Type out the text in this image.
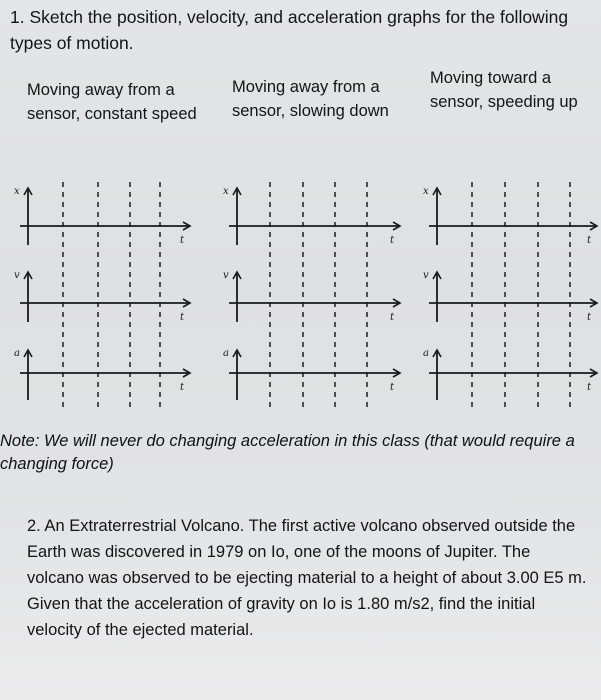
1. Sketch the position, velocity, and acceleration graphs for the following types of motion.
Moving away from a sensor, constant speed
Moving away from a sensor, slowing down
Moving toward a sensor, speeding up
x
t
v
t
a
t
x
t
v
t
a
t
x
t
v
t
a
t
Note: We will never do changing acceleration in this class (that would require a changing force)
2. An Extraterrestrial Volcano. The first active volcano observed outside the Earth was discovered in 1979 on Io, one of the moons of Jupiter. The volcano was observed to be ejecting material to a height of about 3.00 E5 m. Given that the acceleration of gravity on Io is 1.80 m/s2, find the initial velocity of the ejected material.
